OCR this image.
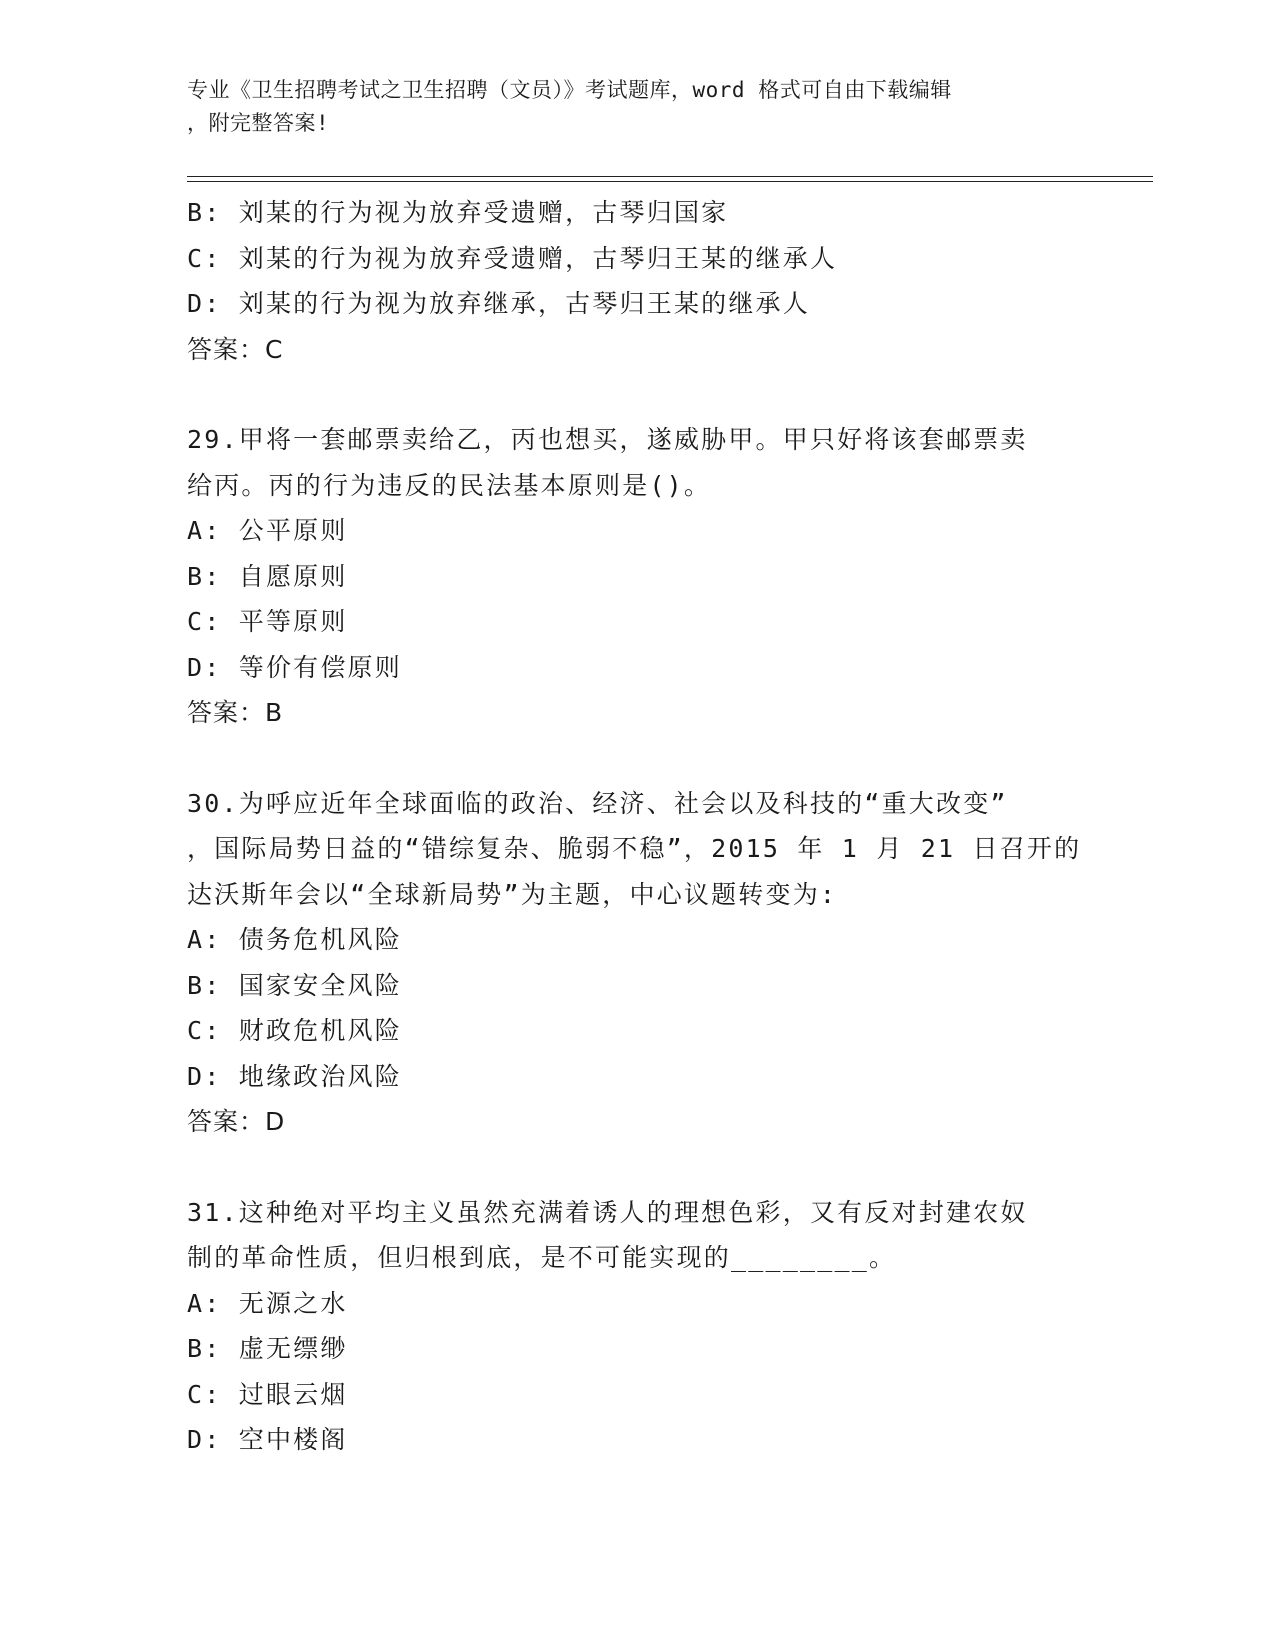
专业《卫生招聘考试之卫生招聘（文员）》考试题库，word 格式可自由下载编辑
，附完整答案!
B: 刘某的行为视为放弃受遗赠，古琴归国家
C: 刘某的行为视为放弃受遗赠，古琴归王某的继承人
D: 刘某的行为视为放弃继承，古琴归王某的继承人
答案：C
29.甲将一套邮票卖给乙，丙也想买，遂威胁甲。甲只好将该套邮票卖
给丙。丙的行为违反的民法基本原则是()。
A: 公平原则
B: 自愿原则
C: 平等原则
D: 等价有偿原则
答案：B
30.为呼应近年全球面临的政治、经济、社会以及科技的“重大改变”
，国际局势日益的“错综复杂、脆弱不稳”，2015 年 1 月 21 日召开的
达沃斯年会以“全球新局势”为主题，中心议题转变为:
A: 债务危机风险
B: 国家安全风险
C: 财政危机风险
D: 地缘政治风险
答案：D
31.这种绝对平均主义虽然充满着诱人的理想色彩，又有反对封建农奴
制的革命性质，但归根到底，是不可能实现的________。
A: 无源之水
B: 虚无缥缈
C: 过眼云烟
D: 空中楼阁
